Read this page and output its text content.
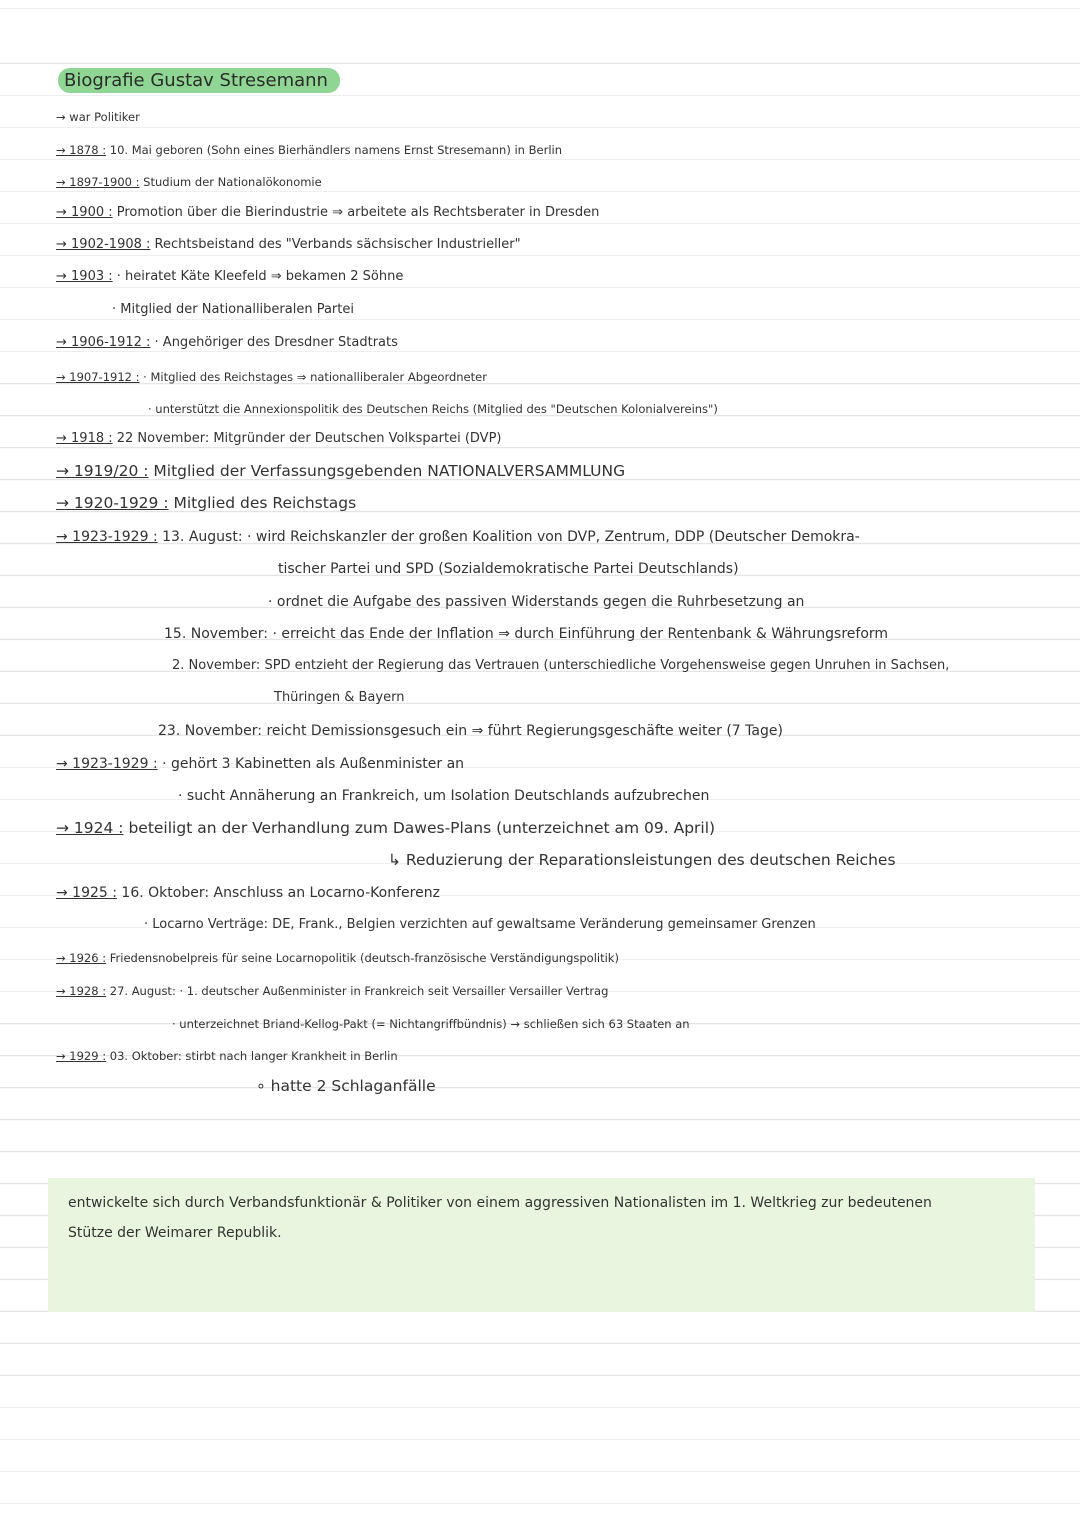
Biografie Gustav Stresemann
→ war Politiker
→ 1878 : 10. Mai geboren (Sohn eines Bierhändlers namens Ernst Stresemann) in Berlin
→ 1897-1900 : Studium der Nationalökonomie
→ 1900 : Promotion über die Bierindustrie ⇒ arbeitete als Rechtsberater in Dresden
→ 1902-1908 : Rechtsbeistand des "Verbands sächsischer Industrieller"
→ 1903 : · heiratet Käte Kleefeld ⇒ bekamen 2 Söhne
· Mitglied der Nationalliberalen Partei
→ 1906-1912 : · Angehöriger des Dresdner Stadtrats
→ 1907-1912 : · Mitglied des Reichstages ⇒ nationalliberaler Abgeordneter
· unterstützt die Annexionspolitik des Deutschen Reichs (Mitglied des "Deutschen Kolonialvereins")
→ 1918 : 22 November: Mitgründer der Deutschen Volkspartei (DVP)
→ 1919/20 : Mitglied der Verfassungsgebenden NATIONALVERSAMMLUNG
→ 1920-1929 : Mitglied des Reichstags
→ 1923-1929 : 13. August: · wird Reichskanzler der großen Koalition von DVP, Zentrum, DDP (Deutscher Demokra-
tischer Partei und SPD (Sozialdemokratische Partei Deutschlands)
· ordnet die Aufgabe des passiven Widerstands gegen die Ruhrbesetzung an
15. November: · erreicht das Ende der Inflation ⇒ durch Einführung der Rentenbank & Währungsreform
2. November: SPD entzieht der Regierung das Vertrauen (unterschiedliche Vorgehensweise gegen Unruhen in Sachsen,
Thüringen & Bayern
23. November: reicht Demissionsgesuch ein ⇒ führt Regierungsgeschäfte weiter (7 Tage)
→ 1923-1929 : · gehört 3 Kabinetten als Außenminister an
· sucht Annäherung an Frankreich, um Isolation Deutschlands aufzubrechen
→ 1924 : beteiligt an der Verhandlung zum Dawes-Plans (unterzeichnet am 09. April)
↳ Reduzierung der Reparationsleistungen des deutschen Reiches
→ 1925 : 16. Oktober: Anschluss an Locarno-Konferenz
· Locarno Verträge: DE, Frank., Belgien verzichten auf gewaltsame Veränderung gemeinsamer Grenzen
→ 1926 : Friedensnobelpreis für seine Locarnopolitik (deutsch-französische Verständigungspolitik)
→ 1928 : 27. August: · 1. deutscher Außenminister in Frankreich seit Versailler Versailler Vertrag
· unterzeichnet Briand-Kellog-Pakt (= Nichtangriffbündnis) → schließen sich 63 Staaten an
→ 1929 : 03. Oktober: stirbt nach langer Krankheit in Berlin
∘ hatte 2 Schlaganfälle
entwickelte sich durch Verbandsfunktionär & Politiker von einem aggressiven Nationalisten im 1. Weltkrieg zur bedeutenen
Stütze der Weimarer Republik.
